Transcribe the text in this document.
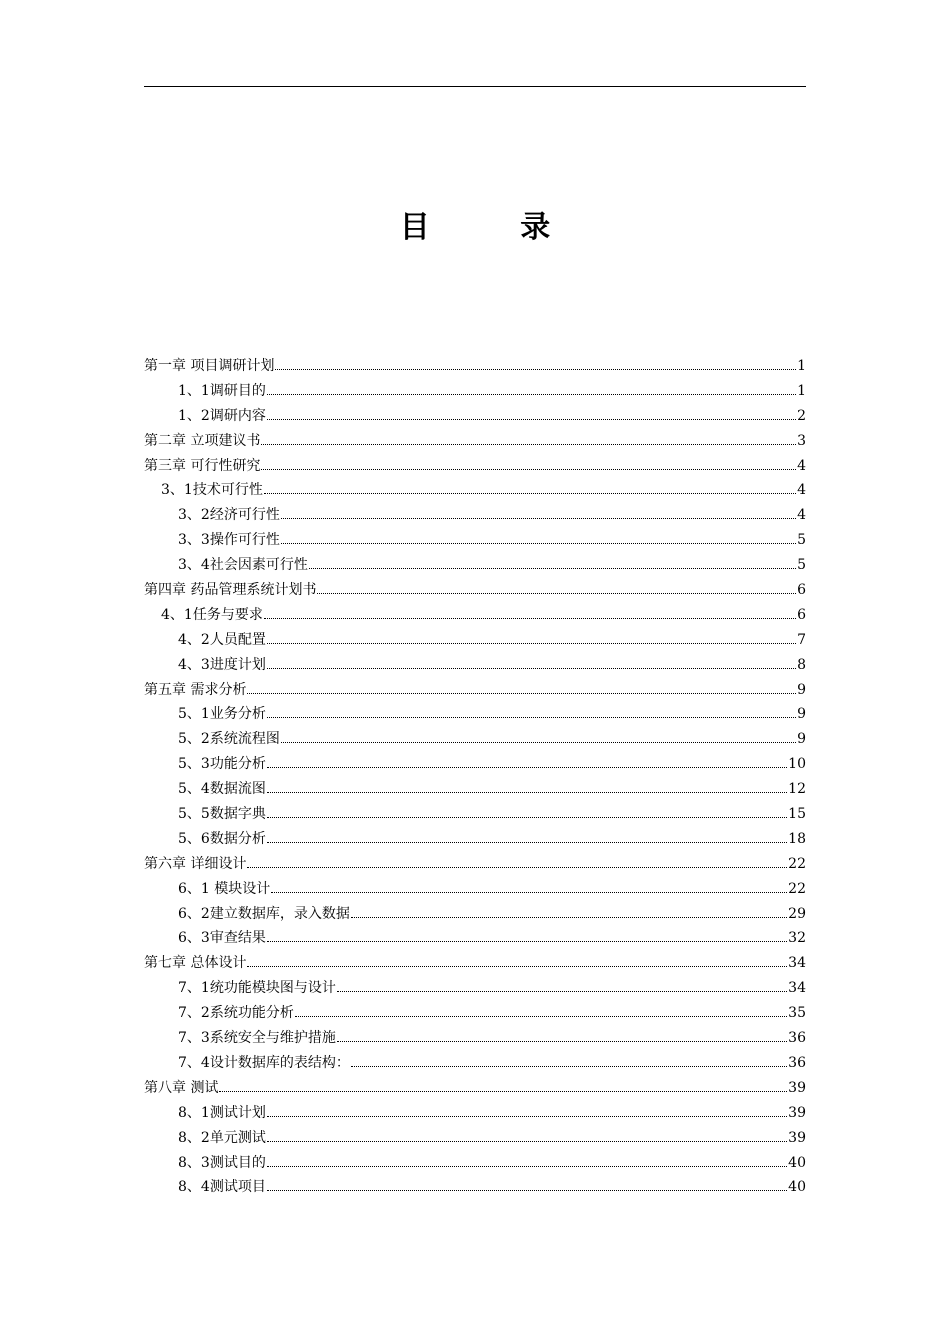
目 录
第一章 项目调研计划	1
1、1调研目的	1
1、2调研内容	2
第二章 立项建议书	3
第三章 可行性研究	4
3、1技术可行性	4
3、2经济可行性	4
3、3操作可行性	5
3、4社会因素可行性	5
第四章 药品管理系统计划书	6
4、1任务与要求	6
4、2人员配置	7
4、3进度计划	8
第五章 需求分析	9
5、1业务分析	9
5、2系统流程图	9
5、3功能分析	10
5、4数据流图	12
5、5数据字典	15
5、6数据分析	18
第六章 详细设计	22
6、1 模块设计	22
6、2建立数据库，录入数据	29
6、3审查结果	32
第七章 总体设计	34
7、1统功能模块图与设计	34
7、2系统功能分析	35
7、3系统安全与维护措施	36
7、4设计数据库的表结构：	36
第八章 测试	39
8、1测试计划	39
8、2单元测试	39
8、3测试目的	40
8、4测试项目	40
